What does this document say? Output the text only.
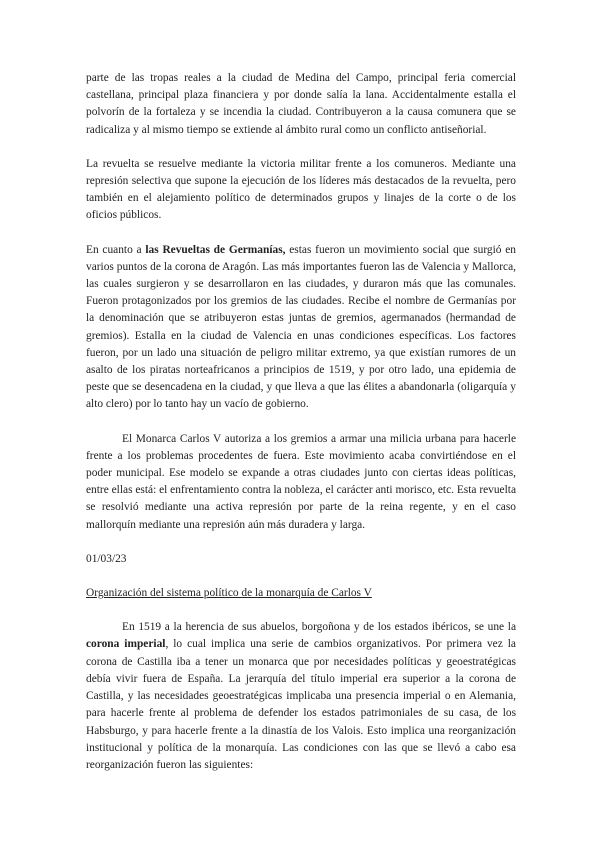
parte de las tropas reales a la ciudad de Medina del Campo, principal feria comercial castellana, principal plaza financiera y por donde salía la lana. Accidentalmente estalla el polvorín de la fortaleza y se incendia la ciudad. Contribuyeron a la causa comunera que se radicaliza y al mismo tiempo se extiende al ámbito rural como un conflicto antiseñorial.

La revuelta se resuelve mediante la victoria militar frente a los comuneros. Mediante una represión selectiva que supone la ejecución de los líderes más destacados de la revuelta, pero también en el alejamiento político de determinados grupos y linajes de la corte o de los oficios públicos.

En cuanto a las Revueltas de Germanías, estas fueron un movimiento social que surgió en varios puntos de la corona de Aragón. Las más importantes fueron las de Valencia y Mallorca, las cuales surgieron y se desarrollaron en las ciudades, y duraron más que las comunales. Fueron protagonizados por los gremios de las ciudades. Recibe el nombre de Germanías por la denominación que se atribuyeron estas juntas de gremios, agermanados (hermandad de gremios). Estalla en la ciudad de Valencia en unas condiciones específicas. Los factores fueron, por un lado una situación de peligro militar extremo, ya que existían rumores de un asalto de los piratas norteafricanos a principios de 1519, y por otro lado, una epidemia de peste que se desencadena en la ciudad, y que lleva a que las élites a abandonarla (oligarquía y alto clero) por lo tanto hay un vacío de gobierno.

El Monarca Carlos V autoriza a los gremios a armar una milicia urbana para hacerle frente a los problemas procedentes de fuera. Este movimiento acaba convirtiéndose en el poder municipal. Ese modelo se expande a otras ciudades junto con ciertas ideas políticas, entre ellas está: el enfrentamiento contra la nobleza, el carácter anti morisco, etc. Esta revuelta se resolvió mediante una activa represión por parte de la reina regente, y en el caso mallorquín mediante una represión aún más duradera y larga.

01/03/23
Organización del sistema político de la monarquía de Carlos V

En 1519 a la herencia de sus abuelos, borgoñona y de los estados ibéricos, se une la corona imperial, lo cual implica una serie de cambios organizativos. Por primera vez la corona de Castilla iba a tener un monarca que por necesidades políticas y geoestratégicas debía vivir fuera de España. La jerarquía del título imperial era superior a la corona de Castilla, y las necesidades geoestratégicas implicaba una presencia imperial o en Alemania, para hacerle frente al problema de defender los estados patrimoniales de su casa, de los Habsburgo, y para hacerle frente a la dinastía de los Valois. Esto implica una reorganización institucional y política de la monarquía. Las condiciones con las que se llevó a cabo esa reorganización fueron las siguientes:
